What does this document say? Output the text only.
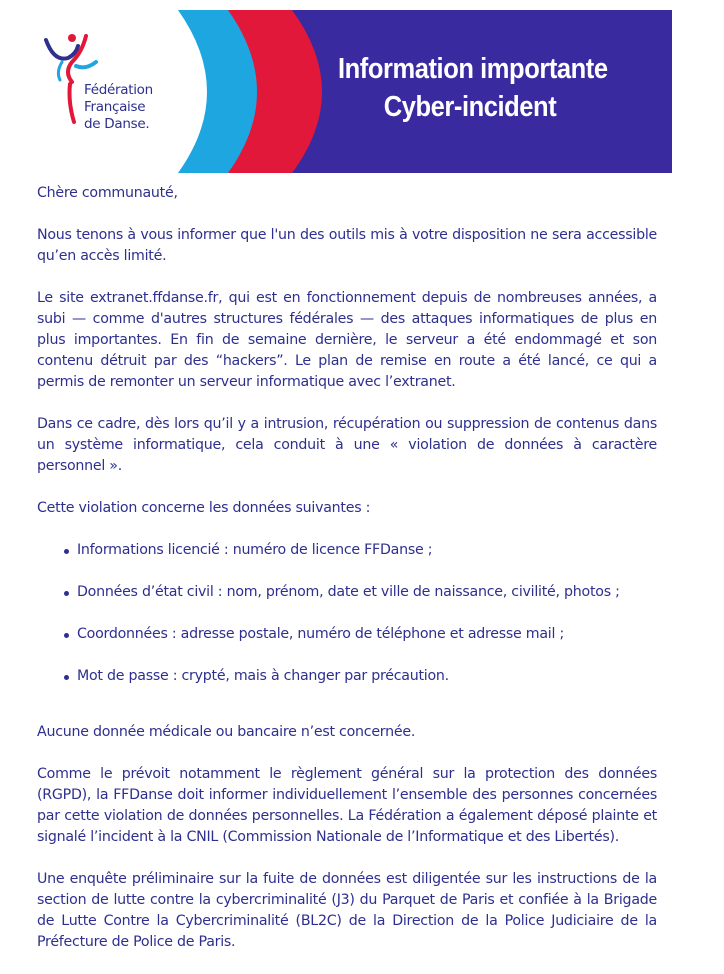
Fédération
Française
de Danse.
Information importante
Cyber-incident

Chère communauté,

Nous tenons à vous informer que l'un des outils mis à votre disposition ne sera accessible qu’en accès limité.

Le site extranet.ffdanse.fr, qui est en fonctionnement depuis de nombreuses années, a subi — comme d'autres structures fédérales — des attaques informatiques de plus en plus importantes. En fin de semaine dernière, le serveur a été endommagé et son contenu détruit par des “hackers”. Le plan de remise en route a été lancé, ce qui a permis de remonter un serveur informatique avec l’extranet.

Dans ce cadre, dès lors qu’il y a intrusion, récupération ou suppression de contenus dans un système informatique, cela conduit à une « violation de données à caractère personnel ».

Cette violation concerne les données suivantes :

Informations licencié : numéro de licence FFDanse ;
Données d’état civil : nom, prénom, date et ville de naissance, civilité, photos ;
Coordonnées : adresse postale, numéro de téléphone et adresse mail ;
Mot de passe : crypté, mais à changer par précaution.

Aucune donnée médicale ou bancaire n’est concernée.

Comme le prévoit notamment le règlement général sur la protection des données (RGPD), la FFDanse doit informer individuellement l’ensemble des personnes concernées par cette violation de données personnelles. La Fédération a également déposé plainte et signalé l’incident à la CNIL (Commission Nationale de l’Informatique et des Libertés).

Une enquête préliminaire sur la fuite de données est diligentée sur les instructions de la section de lutte contre la cybercriminalité (J3) du Parquet de Paris et confiée à la Brigade de Lutte Contre la Cybercriminalité (BL2C) de la Direction de la Police Judiciaire de la Préfecture de Police de Paris.
